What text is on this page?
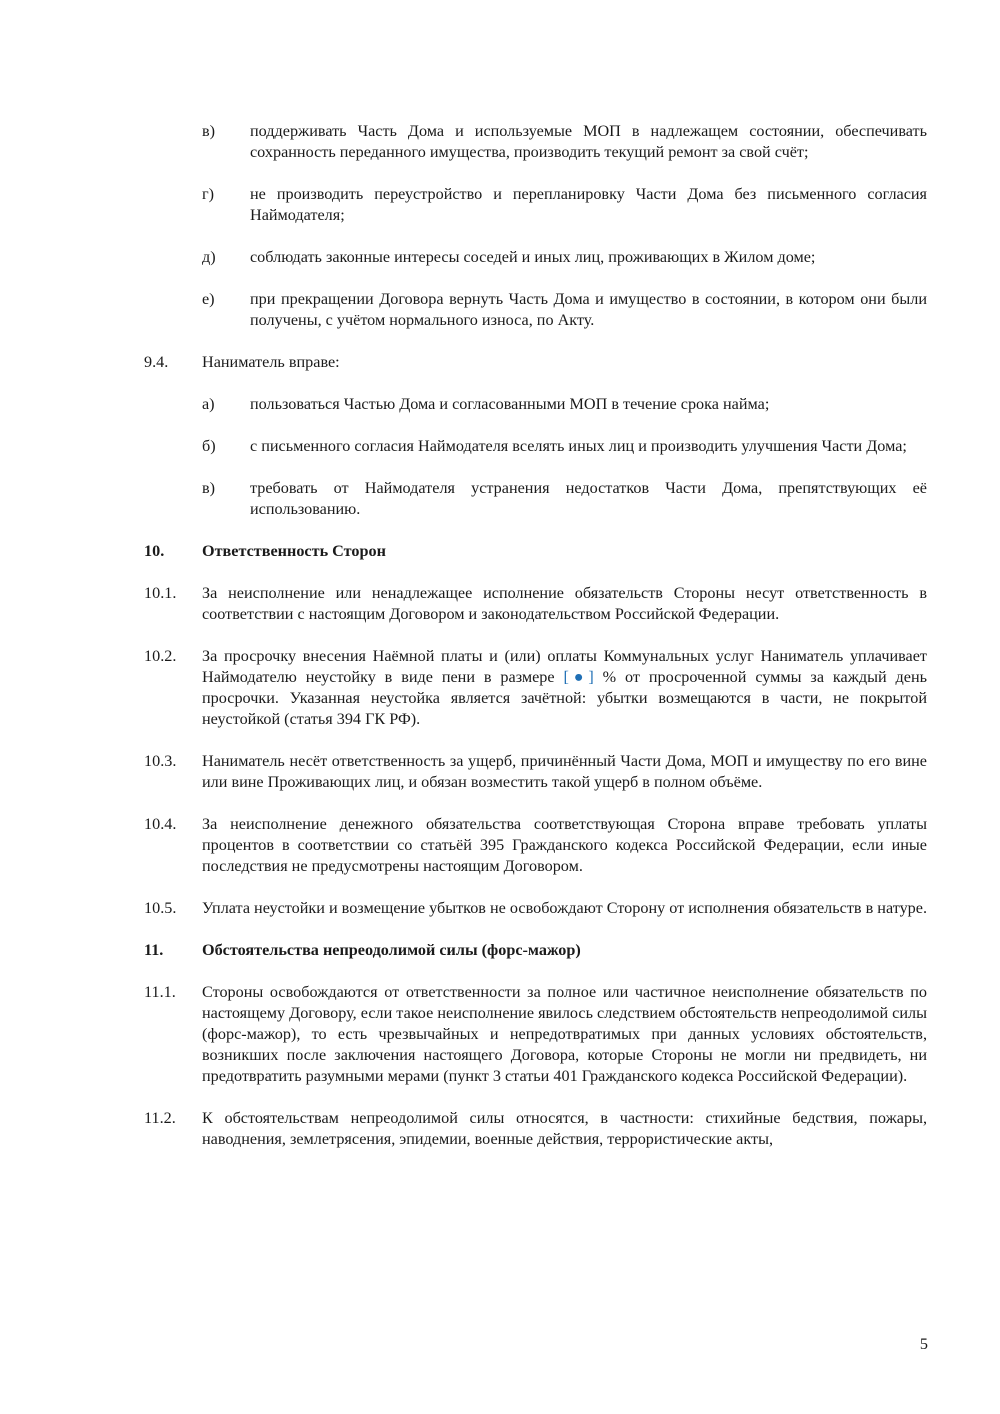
в)	поддерживать Часть Дома и используемые МОП в надлежащем состоянии, обеспечивать сохранность переданного имущества, производить текущий ремонт за свой счёт;
г)	не производить переустройство и перепланировку Части Дома без письменного согласия Наймодателя;
д)	соблюдать законные интересы соседей и иных лиц, проживающих в Жилом доме;
е)	при прекращении Договора вернуть Часть Дома и имущество в состоянии, в котором они были получены, с учётом нормального износа, по Акту.
9.4.	Наниматель вправе:
а)	пользоваться Частью Дома и согласованными МОП в течение срока найма;
б)	с письменного согласия Наймодателя вселять иных лиц и производить улучшения Части Дома;
в)	требовать от Наймодателя устранения недостатков Части Дома, препятствующих её использованию.
10.	Ответственность Сторон
10.1.	За неисполнение или ненадлежащее исполнение обязательств Стороны несут ответственность в соответствии с настоящим Договором и законодательством Российской Федерации.
10.2.	За просрочку внесения Наёмной платы и (или) оплаты Коммунальных услуг Наниматель уплачивает Наймодателю неустойку в виде пени в размере [●] % от просроченной суммы за каждый день просрочки. Указанная неустойка является зачётной: убытки возмещаются в части, не покрытой неустойкой (статья 394 ГК РФ).
10.3.	Наниматель несёт ответственность за ущерб, причинённый Части Дома, МОП и имуществу по его вине или вине Проживающих лиц, и обязан возместить такой ущерб в полном объёме.
10.4.	За неисполнение денежного обязательства соответствующая Сторона вправе требовать уплаты процентов в соответствии со статьёй 395 Гражданского кодекса Российской Федерации, если иные последствия не предусмотрены настоящим Договором.
10.5.	Уплата неустойки и возмещение убытков не освобождают Сторону от исполнения обязательств в натуре.
11.	Обстоятельства непреодолимой силы (форс-мажор)
11.1.	Стороны освобождаются от ответственности за полное или частичное неисполнение обязательств по настоящему Договору, если такое неисполнение явилось следствием обстоятельств непреодолимой силы (форс-мажор), то есть чрезвычайных и непредотвратимых при данных условиях обстоятельств, возникших после заключения настоящего Договора, которые Стороны не могли ни предвидеть, ни предотвратить разумными мерами (пункт 3 статьи 401 Гражданского кодекса Российской Федерации).
11.2.	К обстоятельствам непреодолимой силы относятся, в частности: стихийные бедствия, пожары, наводнения, землетрясения, эпидемии, военные действия, террористические акты,
5
